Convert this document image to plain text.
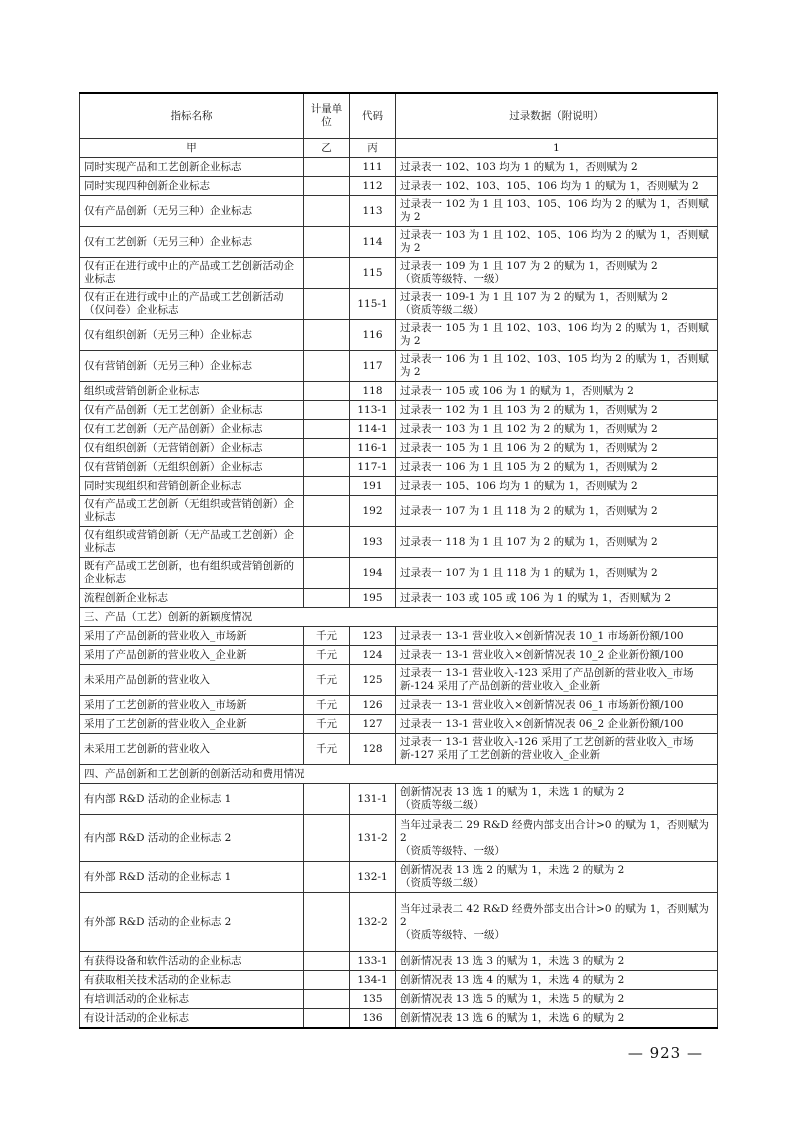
指标名称	计量单位	代码	过录数据（附说明）
甲	乙	丙	1
同时实现产品和工艺创新企业标志		111	过录表一 102、103 均为 1 的赋为 1，否则赋为 2
同时实现四种创新企业标志		112	过录表一 102、103、105、106 均为 1 的赋为 1，否则赋为 2
仅有产品创新（无另三种）企业标志		113	过录表一 102 为 1 且 103、105、106 均为 2 的赋为 1，否则赋为 2
仅有工艺创新（无另三种）企业标志		114	过录表一 103 为 1 且 102、105、106 均为 2 的赋为 1，否则赋为 2
仅有正在进行或中止的产品或工艺创新活动企业标志		115	过录表一 109 为 1 且 107 为 2 的赋为 1，否则赋为 2
（资质等级特、一级）
仅有正在进行或中止的产品或工艺创新活动（仅问卷）企业标志		115-1	过录表一 109-1 为 1 且 107 为 2 的赋为 1，否则赋为 2
（资质等级二级）
仅有组织创新（无另三种）企业标志		116	过录表一 105 为 1 且 102、103、106 均为 2 的赋为 1，否则赋为 2
仅有营销创新（无另三种）企业标志		117	过录表一 106 为 1 且 102、103、105 均为 2 的赋为 1，否则赋为 2
组织或营销创新企业标志		118	过录表一 105 或 106 为 1 的赋为 1，否则赋为 2
仅有产品创新（无工艺创新）企业标志		113-1	过录表一 102 为 1 且 103 为 2 的赋为 1，否则赋为 2
仅有工艺创新（无产品创新）企业标志		114-1	过录表一 103 为 1 且 102 为 2 的赋为 1，否则赋为 2
仅有组织创新（无营销创新）企业标志		116-1	过录表一 105 为 1 且 106 为 2 的赋为 1，否则赋为 2
仅有营销创新（无组织创新）企业标志		117-1	过录表一 106 为 1 且 105 为 2 的赋为 1，否则赋为 2
同时实现组织和营销创新企业标志		191	过录表一 105、106 均为 1 的赋为 1，否则赋为 2
仅有产品或工艺创新（无组织或营销创新）企业标志		192	过录表一 107 为 1 且 118 为 2 的赋为 1，否则赋为 2
仅有组织或营销创新（无产品或工艺创新）企业标志		193	过录表一 118 为 1 且 107 为 2 的赋为 1，否则赋为 2
既有产品或工艺创新，也有组织或营销创新的企业标志		194	过录表一 107 为 1 且 118 为 1 的赋为 1，否则赋为 2
流程创新企业标志		195	过录表一 103 或 105 或 106 为 1 的赋为 1，否则赋为 2
三、产品（工艺）创新的新颖度情况			
采用了产品创新的营业收入_市场新	千元	123	过录表一 13-1 营业收入×创新情况表 10_1 市场新份额/100
采用了产品创新的营业收入_企业新	千元	124	过录表一 13-1 营业收入×创新情况表 10_2 企业新份额/100
未采用产品创新的营业收入	千元	125	过录表一 13-1 营业收入-123 采用了产品创新的营业收入_市场新-124 采用了产品创新的营业收入_企业新
采用了工艺创新的营业收入_市场新	千元	126	过录表一 13-1 营业收入×创新情况表 06_1 市场新份额/100
采用了工艺创新的营业收入_企业新	千元	127	过录表一 13-1 营业收入×创新情况表 06_2 企业新份额/100
未采用工艺创新的营业收入	千元	128	过录表一 13-1 营业收入-126 采用了工艺创新的营业收入_市场新-127 采用了工艺创新的营业收入_企业新
四、产品创新和工艺创新的创新活动和费用情况			
有内部 R&D 活动的企业标志 1		131-1	创新情况表 13 选 1 的赋为 1，未选 1 的赋为 2
（资质等级二级）
有内部 R&D 活动的企业标志 2		131-2	当年过录表二 29 R&D 经费内部支出合计>0 的赋为 1，否则赋为 2
（资质等级特、一级）
有外部 R&D 活动的企业标志 1		132-1	创新情况表 13 选 2 的赋为 1，未选 2 的赋为 2
（资质等级二级）
有外部 R&D 活动的企业标志 2		132-2	当年过录表二 42 R&D 经费外部支出合计>0 的赋为 1，否则赋为 2
（资质等级特、一级）
有获得设备和软件活动的企业标志		133-1	创新情况表 13 选 3 的赋为 1，未选 3 的赋为 2
有获取相关技术活动的企业标志		134-1	创新情况表 13 选 4 的赋为 1，未选 4 的赋为 2
有培训活动的企业标志		135	创新情况表 13 选 5 的赋为 1，未选 5 的赋为 2
有设计活动的企业标志		136	创新情况表 13 选 6 的赋为 1，未选 6 的赋为 2
— 923 —
